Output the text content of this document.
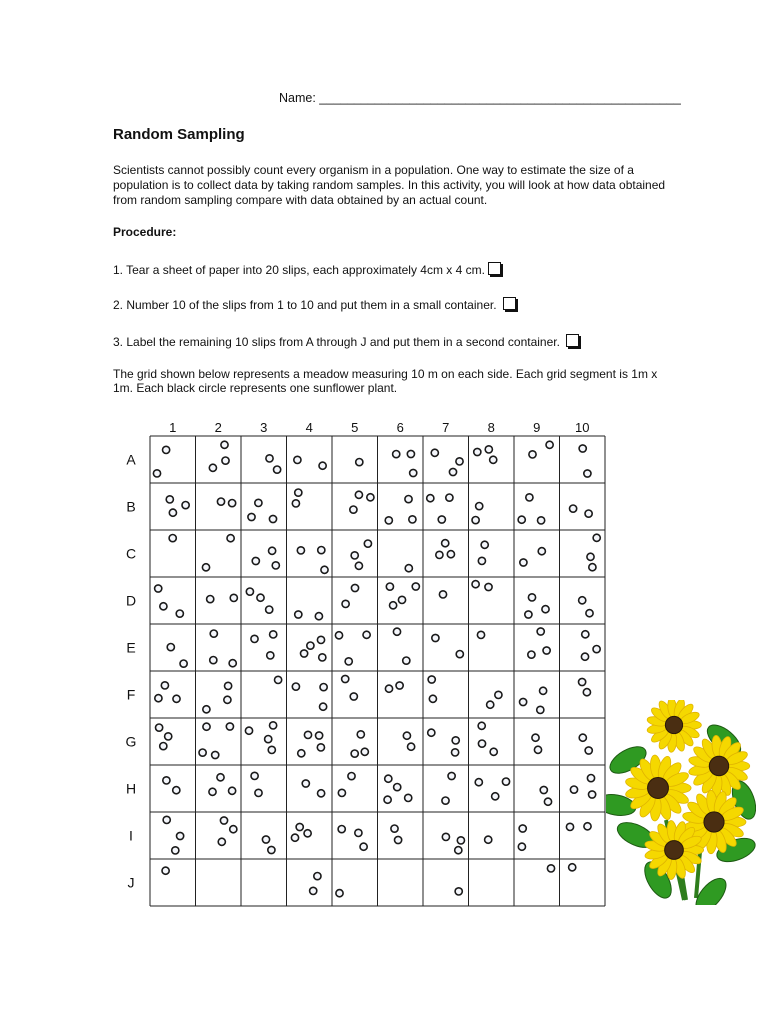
Name: ____________________________________________________
Random Sampling

Scientists cannot possibly count every organism in a population. One way to estimate the size of a population is to collect data by taking random samples. In this activity, you will look at how data obtained from random sampling compare with data obtained by an actual count.

Procedure:

1. Tear a sheet of paper into 20 slips, each approximately 4cm x 4 cm.

2. Number 10 of the slips from 1 to 10 and put them in a small container.

3. Label the remaining 10 slips from A through J and put them in a second container.

The grid shown below represents a meadow measuring 10 m on each side. Each grid segment is 1m x 1m. Each black circle represents one sunflower plant.

1	2	3	4	5	6	7	8	9	10
A
B
C
D
E
F
G
H
I
J
